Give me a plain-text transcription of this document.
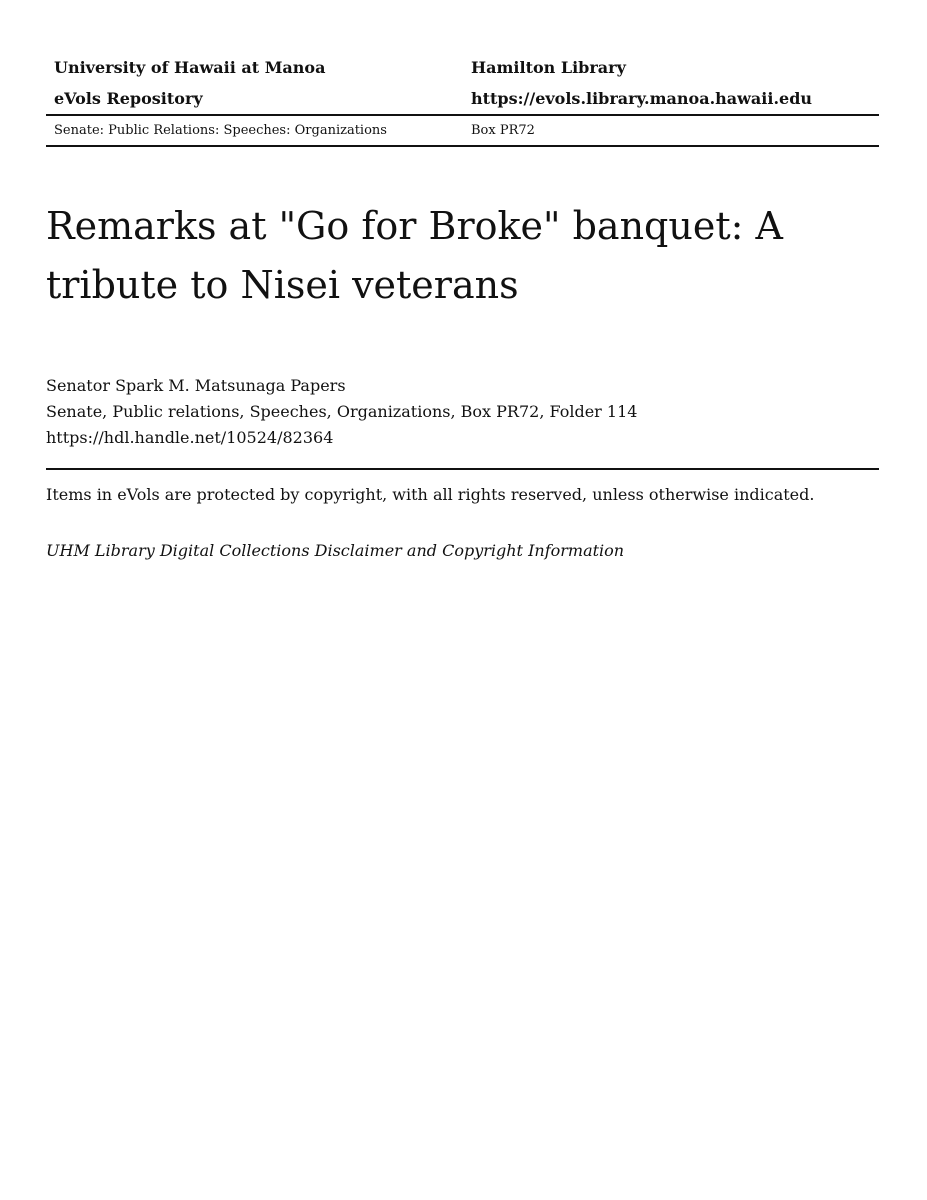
University of Hawaii at Manoa	Hamilton Library
eVols Repository	https://evols.library.manoa.hawaii.edu
Senate: Public Relations: Speeches: Organizations	Box PR72
Remarks at "Go for Broke" banquet: A tribute to Nisei veterans
Senator Spark M. Matsunaga Papers
Senate, Public relations, Speeches, Organizations, Box PR72, Folder 114
https://hdl.handle.net/10524/82364
Items in eVols are protected by copyright, with all rights reserved, unless otherwise indicated.
UHM Library Digital Collections Disclaimer and Copyright Information
